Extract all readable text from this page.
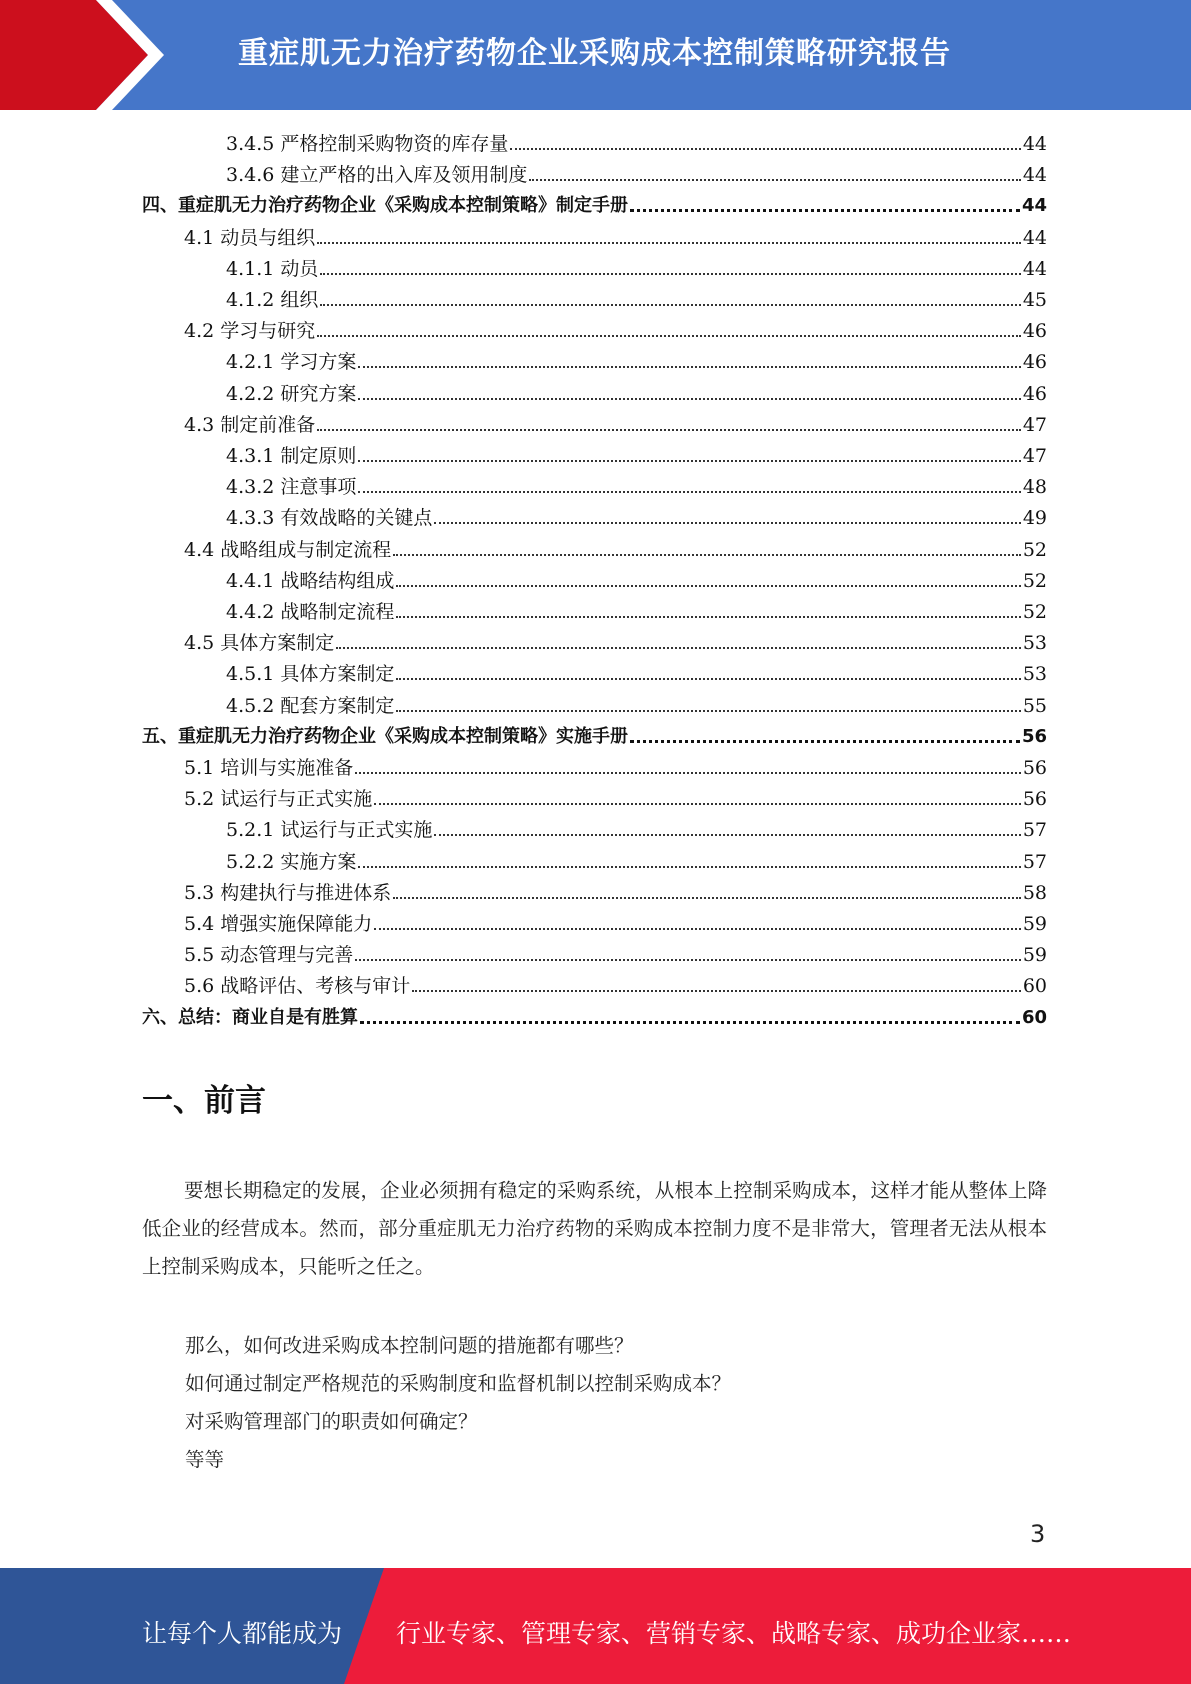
重症肌无力治疗药物企业采购成本控制策略研究报告
3.4.5 严格控制采购物资的库存量	44
3.4.6 建立严格的出入库及领用制度	44
四、重症肌无力治疗药物企业《采购成本控制策略》制定手册	44
4.1 动员与组织	44
4.1.1 动员	44
4.1.2 组织	45
4.2 学习与研究	46
4.2.1 学习方案	46
4.2.2 研究方案	46
4.3 制定前准备	47
4.3.1 制定原则	47
4.3.2 注意事项	48
4.3.3 有效战略的关键点	49
4.4 战略组成与制定流程	52
4.4.1 战略结构组成	52
4.4.2 战略制定流程	52
4.5 具体方案制定	53
4.5.1 具体方案制定	53
4.5.2 配套方案制定	55
五、重症肌无力治疗药物企业《采购成本控制策略》实施手册	56
5.1 培训与实施准备	56
5.2 试运行与正式实施	56
5.2.1 试运行与正式实施	57
5.2.2 实施方案	57
5.3 构建执行与推进体系	58
5.4 增强实施保障能力	59
5.5 动态管理与完善	59
5.6 战略评估、考核与审计	60
六、总结：商业自是有胜算	60
一、前言
要想长期稳定的发展，企业必须拥有稳定的采购系统，从根本上控制采购成本，这样才能从整体上降低企业的经营成本。然而，部分重症肌无力治疗药物的采购成本控制力度不是非常大，管理者无法从根本上控制采购成本，只能听之任之。
那么，如何改进采购成本控制问题的措施都有哪些？
如何通过制定严格规范的采购制度和监督机制以控制采购成本？
对采购管理部门的职责如何确定？
等等
3
让每个人都能成为 行业专家、管理专家、营销专家、战略专家、成功企业家……
